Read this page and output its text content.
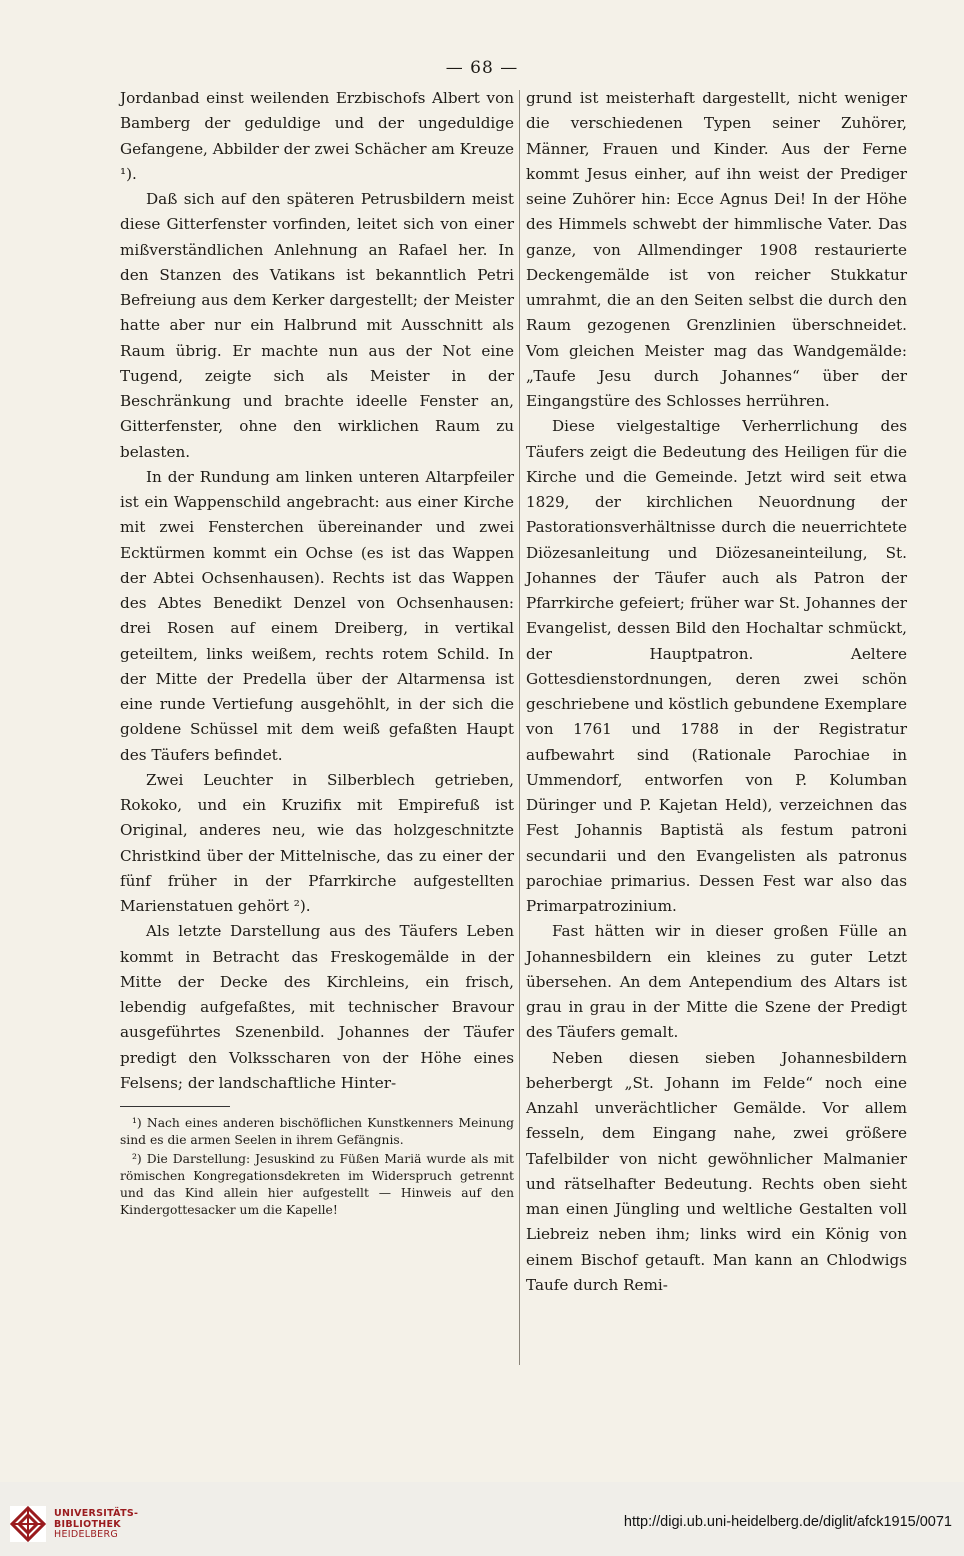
— 68 —

Jordanbad einst weilenden Erzbischofs Albert von Bamberg der geduldige und der ungeduldige Gefangene, Abbilder der zwei Schächer am Kreuze ¹).

Daß sich auf den späteren Petrusbildern meist diese Gitterfenster vorfinden, leitet sich von einer mißverständlichen Anlehnung an Rafael her. In den Stanzen des Vatikans ist bekanntlich Petri Befreiung aus dem Kerker dargestellt; der Meister hatte aber nur ein Halbrund mit Ausschnitt als Raum übrig. Er machte nun aus der Not eine Tugend, zeigte sich als Meister in der Beschränkung und brachte ideelle Fenster an, Gitterfenster, ohne den wirklichen Raum zu belasten.

In der Rundung am linken unteren Altarpfeiler ist ein Wappenschild angebracht: aus einer Kirche mit zwei Fensterchen übereinander und zwei Ecktürmen kommt ein Ochse (es ist das Wappen der Abtei Ochsenhausen). Rechts ist das Wappen des Abtes Benedikt Denzel von Ochsenhausen: drei Rosen auf einem Dreiberg, in vertikal geteiltem, links weißem, rechts rotem Schild. In der Mitte der Predella über der Altarmensa ist eine runde Vertiefung ausgehöhlt, in der sich die goldene Schüssel mit dem weiß gefaßten Haupt des Täufers befindet.

Zwei Leuchter in Silberblech getrieben, Rokoko, und ein Kruzifix mit Empirefuß ist Original, anderes neu, wie das holzgeschnitzte Christkind über der Mittelnische, das zu einer der fünf früher in der Pfarrkirche aufgestellten Marienstatuen gehört ²).

Als letzte Darstellung aus des Täufers Leben kommt in Betracht das Freskogemälde in der Mitte der Decke des Kirchleins, ein frisch, lebendig aufgefaßtes, mit technischer Bravour ausgeführtes Szenenbild. Johannes der Täufer predigt den Volksscharen von der Höhe eines Felsens; der landschaftliche Hinter-

¹) Nach eines anderen bischöflichen Kunstkenners Meinung sind es die armen Seelen in ihrem Gefängnis.

²) Die Darstellung: Jesuskind zu Füßen Mariä wurde als mit römischen Kongregationsdekreten im Widerspruch getrennt und das Kind allein hier aufgestellt — Hinweis auf den Kindergottesacker um die Kapelle!

grund ist meisterhaft dargestellt, nicht weniger die verschiedenen Typen seiner Zuhörer, Männer, Frauen und Kinder. Aus der Ferne kommt Jesus einher, auf ihn weist der Prediger seine Zuhörer hin: Ecce Agnus Dei! In der Höhe des Himmels schwebt der himmlische Vater. Das ganze, von Allmendinger 1908 restaurierte Deckengemälde ist von reicher Stukkatur umrahmt, die an den Seiten selbst die durch den Raum gezogenen Grenzlinien überschneidet. Vom gleichen Meister mag das Wandgemälde: „Taufe Jesu durch Johannes“ über der Eingangstüre des Schlosses herrühren.

Diese vielgestaltige Verherrlichung des Täufers zeigt die Bedeutung des Heiligen für die Kirche und die Gemeinde. Jetzt wird seit etwa 1829, der kirchlichen Neuordnung der Pastorationsverhältnisse durch die neuerrichtete Diözesanleitung und Diözesaneinteilung, St. Johannes der Täufer auch als Patron der Pfarrkirche gefeiert; früher war St. Johannes der Evangelist, dessen Bild den Hochaltar schmückt, der Hauptpatron. Aeltere Gottesdienstordnungen, deren zwei schön geschriebene und köstlich gebundene Exemplare von 1761 und 1788 in der Registratur aufbewahrt sind (Rationale Parochiae in Ummendorf, entworfen von P. Kolumban Düringer und P. Kajetan Held), verzeichnen das Fest Johannis Baptistä als festum patroni secundarii und den Evangelisten als patronus parochiae primarius. Dessen Fest war also das Primarpatrozinium.

Fast hätten wir in dieser großen Fülle an Johannesbildern ein kleines zu guter Letzt übersehen. An dem Antependium des Altars ist grau in grau in der Mitte die Szene der Predigt des Täufers gemalt.

Neben diesen sieben Johannesbildern beherbergt „St. Johann im Felde“ noch eine Anzahl unverächtlicher Gemälde. Vor allem fesseln, dem Eingang nahe, zwei größere Tafelbilder von nicht gewöhnlicher Malmanier und rätselhafter Bedeutung. Rechts oben sieht man einen Jüngling und weltliche Gestalten voll Liebreiz neben ihm; links wird ein König von einem Bischof getauft. Man kann an Chlodwigs Taufe durch Remi-

UNIVERSITÄTS-
BIBLIOTHEK
HEIDELBERG
http://digi.ub.uni-heidelberg.de/diglit/afck1915/0071
